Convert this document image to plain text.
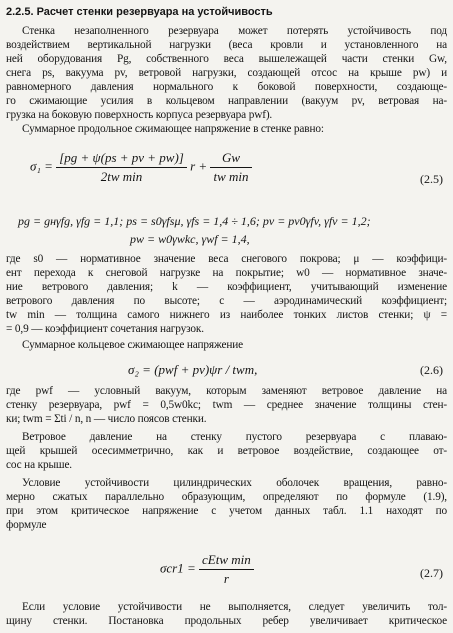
2.2.5. Расчет стенки резервуара на устойчивость
Стенка незаполненного резервуара может потерять устойчивость под
воздействием вертикальной нагрузки (веса кровли и установленного на
ней оборудования Pg, собственного веса вышележащей части стенки Gw,
снега ps, вакуума pv, ветровой нагрузки, создающей отсос на крыше pw) и
равномерного давления нормального к боковой поверхности, создающе-
го сжимающие усилия в кольцевом направлении (вакуум pv, ветровая на-
грузка на боковую поверхность корпуса резервуара pwf).
Суммарное продольное сжимающее напряжение в стенке равно:
$\sigma_1 = \frac{[pg + \psi(ps + pv + pw)]}{\text{2tw min}}$ $r + \frac{Gw}{\text{tw min}}$	(2.5)
pg = gнγfg, γfg = 1,1; ps = s0γfsμ, γfs = 1,4 ÷ 1,6; pv = pv0γfv, γfv = 1,2;
pw = w0γwkc, γwf = 1,4,
где s0 — нормативное значение веса снегового покрова; μ — коэффици-
ент перехода к снеговой нагрузке на покрытие; w0 — нормативное значе-
ние ветрового давления; k — коэффициент, учитывающий изменение
ветрового давления по высоте; c — аэродинамический коэффициент;
tw min — толщина самого нижнего из наиболее тонких листов стенки; ψ =
= 0,9 — коэффициент сочетания нагрузок.
Суммарное кольцевое сжимающее напряжение
σ₂ = (pwf + pv)ψr / twm,	(2.6)
где pwf — условный вакуум, которым заменяют ветровое давление на
стенку резервуара, pwf = 0,5w0kc; twm — среднее значение толщины стен-
ки; twm = Σti / n, n — число поясов стенки.
Ветровое давление на стенку пустого резервуара с плаваю-
щей крышей осесимметрично, как и ветровое воздействие, создающее от-
сос на крыше.
Условие устойчивости цилиндрических оболочек вращения, равно-
мерно сжатых параллельно образующим, определяют по формуле (1.9),
при этом критическое напряжение с учетом данных табл. 1.1 находят по
формуле
$\sigma cr1 = \frac{\text{cEtw min}}{r}$	(2.7)
Если условие устойчивости не выполняется, следует увеличить тол-
щину стенки. Постановка продольных ребер увеличивает критическое
